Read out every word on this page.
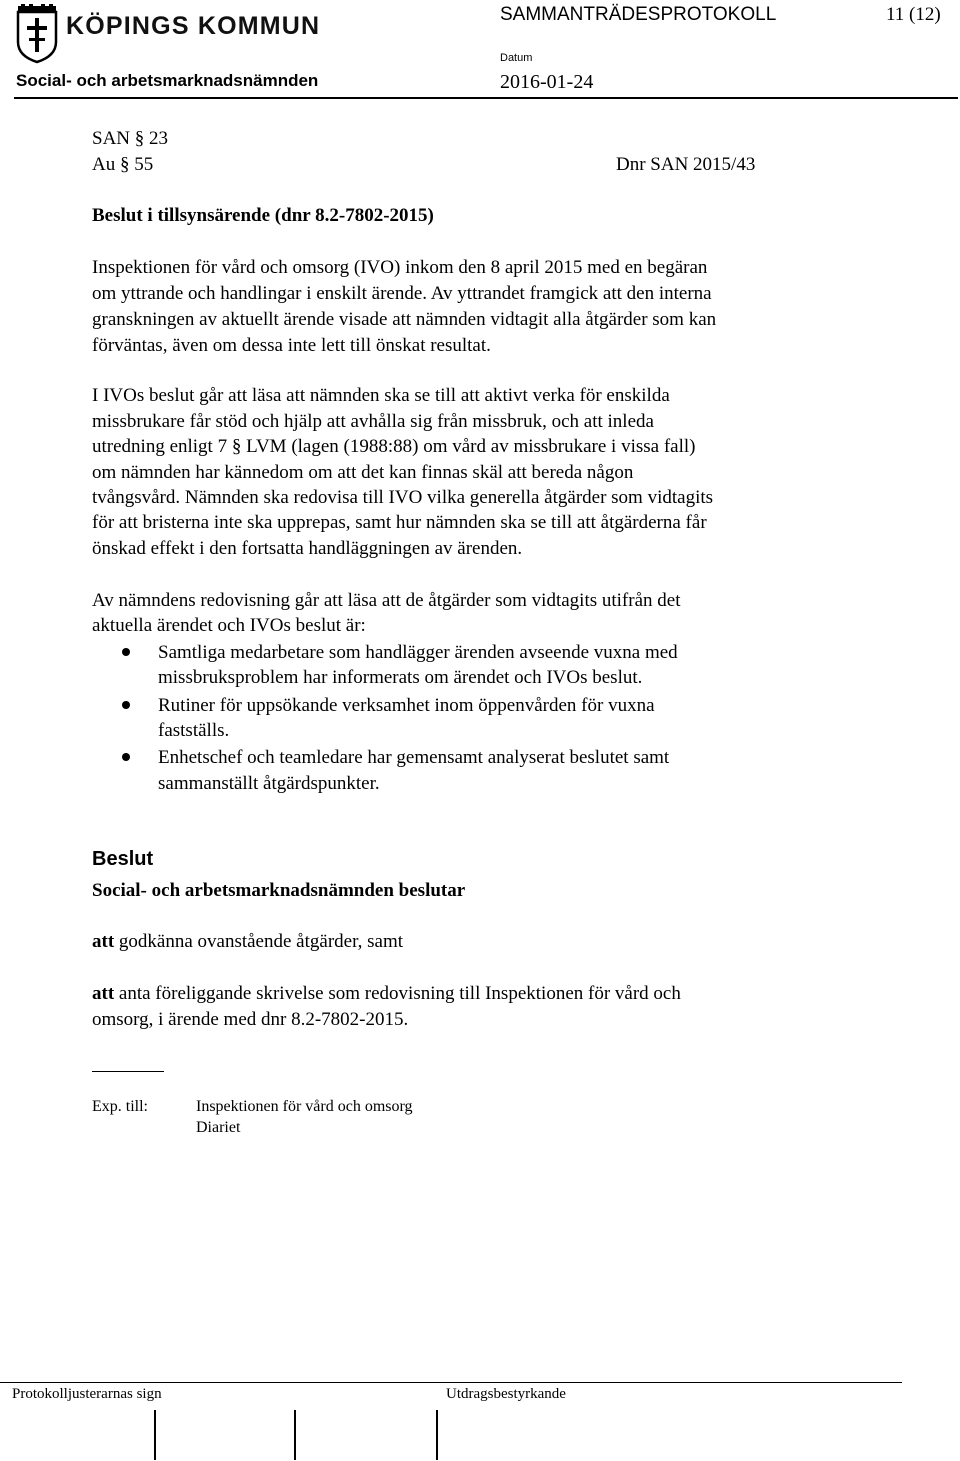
KÖPINGS KOMMUN
Social- och arbetsmarknadsnämnden
SAMMANTRÄDESPROTOKOLL	11 (12)
Datum
2016-01-24
SAN § 23
Au § 55	Dnr SAN 2015/43
Beslut i tillsynsärende (dnr 8.2-7802-2015)
Inspektionen för vård och omsorg (IVO) inkom den 8 april 2015 med en begäran
om yttrande och handlingar i enskilt ärende. Av yttrandet framgick att den interna
granskningen av aktuellt ärende visade att nämnden vidtagit alla åtgärder som kan
förväntas, även om dessa inte lett till önskat resultat.
I IVOs beslut går att läsa att nämnden ska se till att aktivt verka för enskilda
missbrukare får stöd och hjälp att avhålla sig från missbruk, och att inleda
utredning enligt 7 § LVM (lagen (1988:88) om vård av missbrukare i vissa fall)
om nämnden har kännedom om att det kan finnas skäl att bereda någon
tvångsvård. Nämnden ska redovisa till IVO vilka generella åtgärder som vidtagits
för att bristerna inte ska upprepas, samt hur nämnden ska se till att åtgärderna får
önskad effekt i den fortsatta handläggningen av ärenden.
Av nämndens redovisning går att läsa att de åtgärder som vidtagits utifrån det
aktuella ärendet och IVOs beslut är:
Samtliga medarbetare som handlägger ärenden avseende vuxna med
missbruksproblem har informerats om ärendet och IVOs beslut.
Rutiner för uppsökande verksamhet inom öppenvården för vuxna
fastställs.
Enhetschef och teamledare har gemensamt analyserat beslutet samt
sammanställt åtgärdspunkter.
Beslut
Social- och arbetsmarknadsnämnden beslutar
att godkänna ovanstående åtgärder, samt
att anta föreliggande skrivelse som redovisning till Inspektionen för vård och
omsorg, i ärende med dnr 8.2-7802-2015.
Exp. till:	Inspektionen för vård och omsorg
Diariet
Protokolljusterarnas sign	Utdragsbestyrkande
